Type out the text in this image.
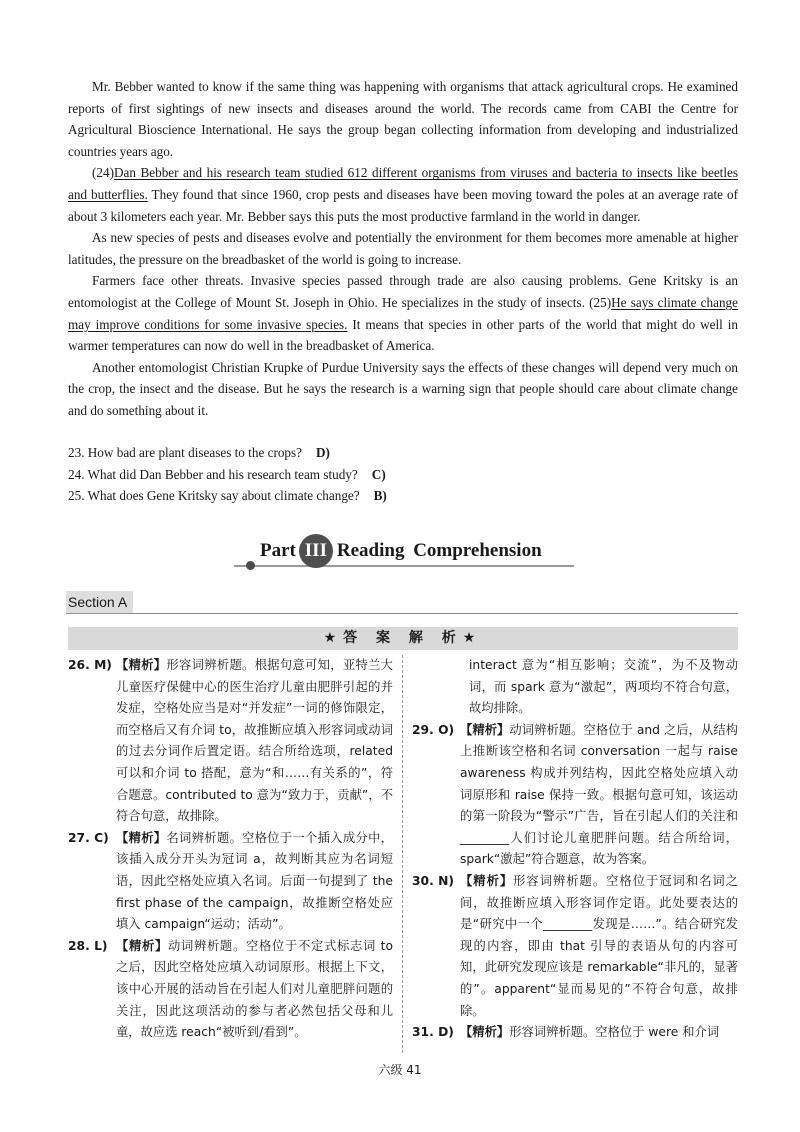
Mr. Bebber wanted to know if the same thing was happening with organisms that attack agricultural crops. He examined reports of first sightings of new insects and diseases around the world. The records came from CABI the Centre for Agricultural Bioscience International. He says the group began collecting information from developing and industrialized countries years ago.

(24)Dan Bebber and his research team studied 612 different organisms from viruses and bacteria to insects like beetles and butterflies. They found that since 1960, crop pests and diseases have been moving toward the poles at an average rate of about 3 kilometers each year. Mr. Bebber says this puts the most productive farmland in the world in danger.

As new species of pests and diseases evolve and potentially the environment for them becomes more amenable at higher latitudes, the pressure on the breadbasket of the world is going to increase.

Farmers face other threats. Invasive species passed through trade are also causing problems. Gene Kritsky is an entomologist at the College of Mount St. Joseph in Ohio. He specializes in the study of insects. (25)He says climate change may improve conditions for some invasive species. It means that species in other parts of the world that might do well in warmer temperatures can now do well in the breadbasket of America.

Another entomologist Christian Krupke of Purdue University says the effects of these changes will depend very much on the crop, the insect and the disease. But he says the research is a warning sign that people should care about climate change and do something about it.

23. How bad are plant diseases to the crops? D)
24. What did Dan Bebber and his research team study? C)
25. What does Gene Kritsky say about climate change? B)
Part III Reading Comprehension
Section A
★答 案 解 析★
26. M) 【精析】形容词辨析题。根据句意可知，亚特兰大儿童医疗保健中心的医生治疗儿童由肥胖引起的并发症，空格处应当是对“并发症”一词的修饰限定，而空格后又有介词 to，故推断应填入形容词或动词的过去分词作后置定语。结合所给选项，related 可以和介词 to 搭配，意为“和……有关系的”，符合题意。contributed to 意为“致力于，贡献”，不符合句意，故排除。
27. C) 【精析】名词辨析题。空格位于一个插入成分中，该插入成分开头为冠词 a，故判断其应为名词短语，因此空格处应填入名词。后面一句提到了 the first phase of the campaign，故推断空格处应填入 campaign“运动；活动”。
28. L) 【精析】动词辨析题。空格位于不定式标志词 to 之后，因此空格处应填入动词原形。根据上下文，该中心开展的活动旨在引起人们对儿童肥胖问题的关注，因此这项活动的参与者必然包括父母和儿童，故应选 reach“被听到/看到”。
interact 意为“相互影响；交流”，为不及物动词，而 spark 意为“激起”，两项均不符合句意，故均排除。
29. O) 【精析】动词辨析题。空格位于 and 之后，从结构上推断该空格和名词 conversation 一起与 raise awareness 构成并列结构，因此空格处应填入动词原形和 raise 保持一致。根据句意可知，该运动的第一阶段为“警示”广告，旨在引起人们的关注和________人们讨论儿童肥胖问题。结合所给词，spark“激起”符合题意，故为答案。
30. N) 【精析】形容词辨析题。空格位于冠词和名词之间，故推断应填入形容词作定语。此处要表达的是“研究中一个________发现是……”。结合研究发现的内容，即由 that 引导的表语从句的内容可知，此研究发现应该是 remarkable“非凡的，显著的”。apparent“显而易见的”不符合句意，故排除。
31. D) 【精析】形容词辨析题。空格位于 were 和介词
六级 41
